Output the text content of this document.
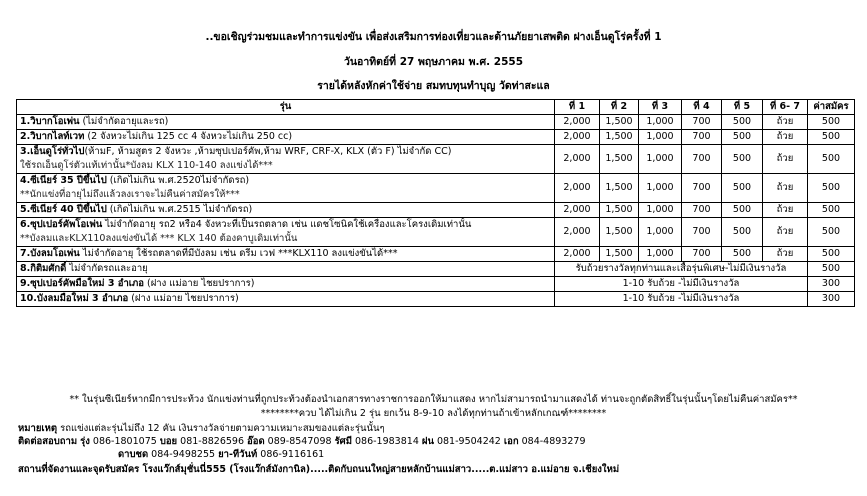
..ขอเชิญร่วมชมและทำการแข่งขัน เพื่อส่งเสริมการท่องเที่ยวและต้านภัยยาเสพติด ฝางเอ็นดูโร่ครั้งที่ 1
วันอาทิตย์ที่ 27 พฤษภาคม พ.ศ. 2555
รายได้หลังหักค่าใช้จ่าย สมทบทุนทำบุญ วัดท่าสะแล
รุ่น	ที่ 1	ที่ 2	ที่ 3	ที่ 4	ที่ 5	ที่ 6- 7	ค่าสมัคร

1.วิบากโอเพ่น (ไม่จำกัดอายุและรถ)	2,000	1,500	1,000	700	500	ถ้วย	500

2.วิบากไลท์เวท (2 จังหวะไม่เกิน 125 cc 4 จังหวะไม่เกิน 250 cc)	2,000	1,500	1,000	700	500	ถ้วย	500

3.เอ็นดูโร่ทั่วไป(ห้ามF, ห้ามสูตร 2 จังหวะ ,ห้ามซุปเปอร์คัพ,ห้าม WRF, CRF-X, KLX (ตัว F) ไม่จำกัด CC)
ใช้รถเอ็นดูโร่ตัวแท้เท่านั้น*บังลม KLX 110-140 ลงแข่งได้***	2,000	1,500	1,000	700	500	ถ้วย	500

4.ซีเนียร์ 35 ปีขึ้นไป (เกิดไม่เกิน พ.ศ.2520ไม่จำกัดรถ)
**นักแข่งที่อายุไม่ถึงแล้วลงเราจะไม่คืนค่าสมัครให้***	2,000	1,500	1,000	700	500	ถ้วย	500

5.ซีเนียร์ 40 ปีขึ้นไป (เกิดไม่เกิน พ.ศ.2515 ไม่จำกัดรถ)	2,000	1,500	1,000	700	500	ถ้วย	500

6.ซุปเปอร์คัพโอเพ่น ไม่จำกัดอายุ รถ2 หรือ4 จังหวะที่เป็นรถตลาด เช่น แดชโซนิคใช้เครื่องและโครงเดิมเท่านั้น
**บังลมและKLX110ลงแข่งขันได้ *** KLX 140 ต้องคาบูเดิมเท่านั้น	2,000	1,500	1,000	700	500	ถ้วย	500

7.บังลมโอเพ่น ไม่จำกัดอายุ ใช้รถตลาดที่มีบังลม เช่น ดรีม เวฟ ***KLX110 ลงแข่งขันได้***	2,000	1,500	1,000	700	500	ถ้วย	500

8.กิติมศักดิ์ ไม่จำกัดรถและอายุ	รับถ้วยรางวัลทุกท่านและเสื้อรุ่นพิเศษ-ไม่มีเงินรางวัล						500

9.ซุปเปอร์คัพมือใหม่ 3 อำเภอ (ฝาง แม่อาย ไชยปราการ)	1-10 รับถ้วย -ไม่มีเงินรางวัล						300

10.บังลมมือใหม่ 3 อำเภอ (ฝาง แม่อาย ไชยปราการ)	1-10 รับถ้วย -ไม่มีเงินรางวัล						300
** ในรุ่นซีเนียร์หากมีการประท้วง นักแข่งท่านที่ถูกประท้วงต้องนำเอกสารทางราชการออกให้มาแสดง หากไม่สามารถนำมาแสดงได้ ท่านจะถูกตัดสิทธิ์ในรุ่นนั้นๆโดยไม่คืนค่าสมัคร**
********ควบ ได้ไม่เกิน 2 รุ่น ยกเว้น 8-9-10 ลงได้ทุกท่านถ้าเข้าหลักเกณฑ์********
หมายเหตุ รถแข่งแต่ละรุ่นไม่ถึง 12 คัน เงินรางวัลจ่ายตามความเหมาะสมของแต่ละรุ่นนั้นๆ
ติดต่อสอบถาม รุ่ง 086-1801075 บอย 081-8826596 อ๊อด 089-8547098 รัศมี 086-1983814 ฝน 081-9504242 เอก 084-4893279
ดาบชด 084-9498255 ยา-ทีวันท์ 086-9116161
สถานที่จัดงานและจุดรับสมัคร โรงแว๊กส์มุชั่นนี่555 (โรงแว๊กส์มังกานิล).....ติดกับถนนใหญ่สายหลักบ้านแม่สาว.....ต.แม่สาว อ.แม่อาย จ.เชียงใหม่
